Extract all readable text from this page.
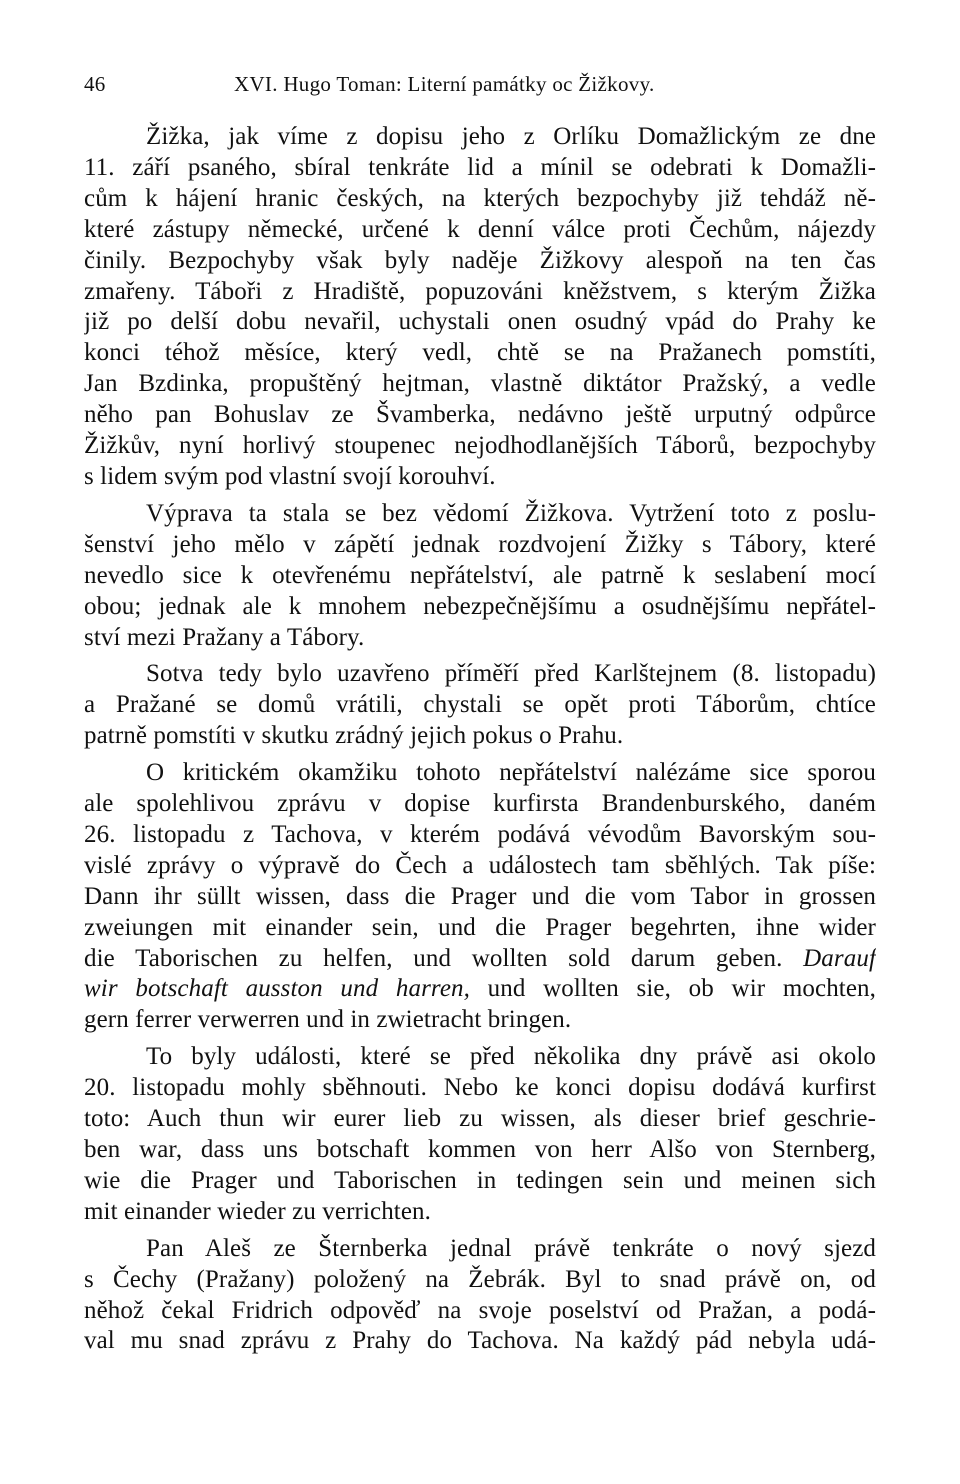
46	XVI. Hugo Toman: Literní památky oc Žižkovy.

Žižka, jak víme z dopisu jeho z Orlíku Domažlickým ze dne
11. září psaného, sbíral tenkráte lid a mínil se odebrati k Domažli-
cům k hájení hranic českých, na kterých bezpochyby již tehdáž ně-
které zástupy německé, určené k denní válce proti Čechům, nájezdy
činily. Bezpochyby však byly naděje Žižkovy alespoň na ten čas
zmařeny. Táboři z Hradiště, popuzováni kněžstvem, s kterým Žižka
již po delší dobu nevařil, uchystali onen osudný vpád do Prahy ke
konci téhož měsíce, který vedl, chtě se na Pražanech pomstíti,
Jan Bzdinka, propuštěný hejtman, vlastně diktátor Pražský, a vedle
něho pan Bohuslav ze Švamberka, nedávno ještě urputný odpůrce
Žižkův, nyní horlivý stoupenec nejodhodlanějších Táborů, bezpochyby
s lidem svým pod vlastní svojí korouhví.

Výprava ta stala se bez vědomí Žižkova. Vytržení toto z poslu-
šenství jeho mělo v zápětí jednak rozdvojení Žižky s Tábory, které
nevedlo sice k otevřenému nepřátelství, ale patrně k seslabení mocí
obou; jednak ale k mnohem nebezpečnějšímu a osudnějšímu nepřátel-
ství mezi Pražany a Tábory.

Sotva tedy bylo uzavřeno příměří před Karlštejnem (8. listopadu)
a Pražané se domů vrátili, chystali se opět proti Táborům, chtíce
patrně pomstíti v skutku zrádný jejich pokus o Prahu.

O kritickém okamžiku tohoto nepřátelství nalézáme sice sporou
ale spolehlivou zprávu v dopise kurfirsta Brandenburského, daném
26. listopadu z Tachova, v kterém podává vévodům Bavorským sou-
vislé zprávy o výpravě do Čech a událostech tam sběhlých. Tak píše:
Dann ihr süllt wissen, dass die Prager und die vom Tabor in grossen
zweiungen mit einander sein, und die Prager begehrten, ihne wider
die Taborischen zu helfen, und wollten sold darum geben. Darauf
wir botschaft ausston und harren, und wollten sie, ob wir mochten,
gern ferrer verwerren und in zwietracht bringen.

To byly události, které se před několika dny právě asi okolo
20. listopadu mohly sběhnouti. Nebo ke konci dopisu dodává kurfirst
toto: Auch thun wir eurer lieb zu wissen, als dieser brief geschrie-
ben war, dass uns botschaft kommen von herr Alšo von Sternberg,
wie die Prager und Taborischen in tedingen sein und meinen sich
mit einander wieder zu verrichten.

Pan Aleš ze Šternberka jednal právě tenkráte o nový sjezd
s Čechy (Pražany) položený na Žebrák. Byl to snad právě on, od
něhož čekal Fridrich odpověď na svoje poselství od Pražan, a podá-
val mu snad zprávu z Prahy do Tachova. Na každý pád nebyla udá-
